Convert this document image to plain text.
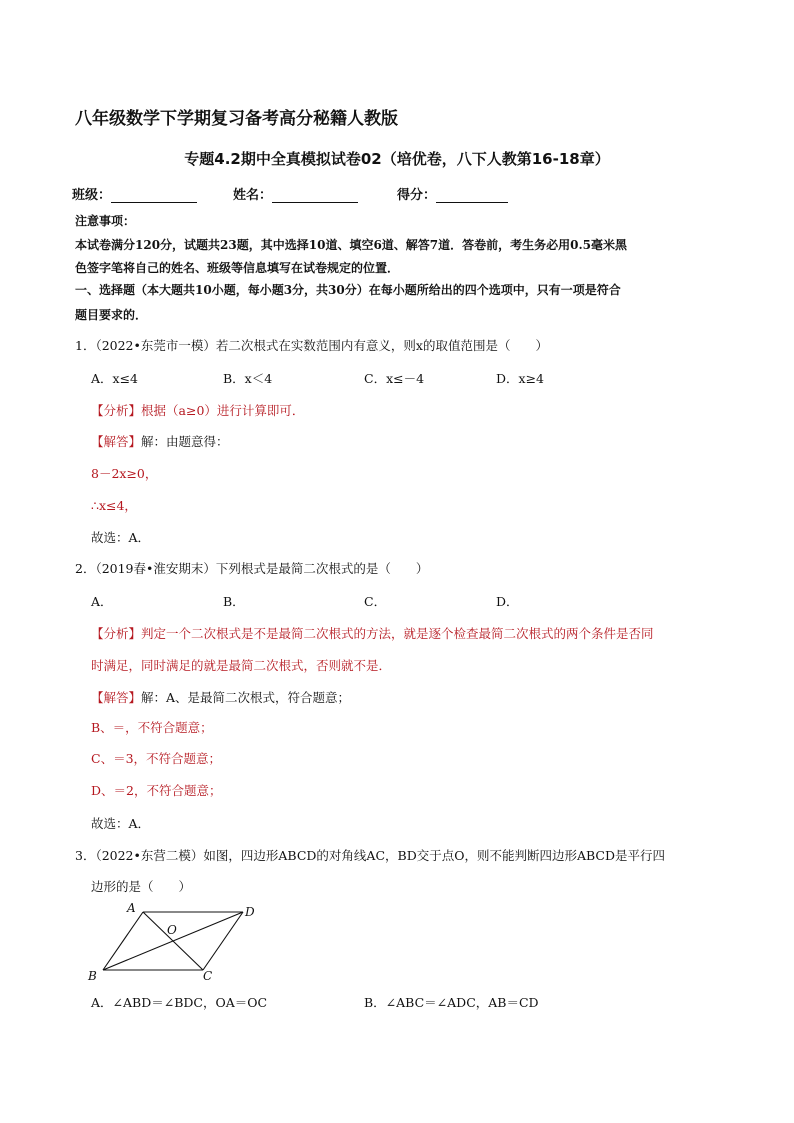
八年级数学下学期复习备考高分秘籍人教版
专题4.2期中全真模拟试卷02（培优卷，八下人教第16-18章）
班级：	姓名：	得分：
注意事项：
本试卷满分120分，试题共23题，其中选择10道、填空6道、解答7道．答卷前，考生务必用0.5毫米黑
色签字笔将自己的姓名、班级等信息填写在试卷规定的位置．
一、选择题（本大题共10小题，每小题3分，共30分）在每小题所给出的四个选项中，只有一项是符合
题目要求的．
1．（2022•东莞市一模）若二次根式在实数范围内有意义，则x的取值范围是（　　）
A．x≤4	B．x＜4	C．x≤－4	D．x≥4
【分析】根据（a≥0）进行计算即可．
【解答】解：由题意得：
8－2x≥0，
∴x≤4，
故选：A．
2．（2019春•淮安期末）下列根式是最简二次根式的是（　　）
A．	B．	C．	D．
【分析】判定一个二次根式是不是最简二次根式的方法，就是逐个检查最简二次根式的两个条件是否同
时满足，同时满足的就是最简二次根式，否则就不是．
【解答】解：A、是最简二次根式，符合题意；
B、＝，不符合题意；
C、＝3，不符合题意；
D、＝2，不符合题意；
故选：A．
3．（2022•东营二模）如图，四边形ABCD的对角线AC，BD交于点O，则不能判断四边形ABCD是平行四
边形的是（　　）
A
B	C
D
O
A．∠ABD＝∠BDC，OA＝OC	B．∠ABC＝∠ADC，AB＝CD
